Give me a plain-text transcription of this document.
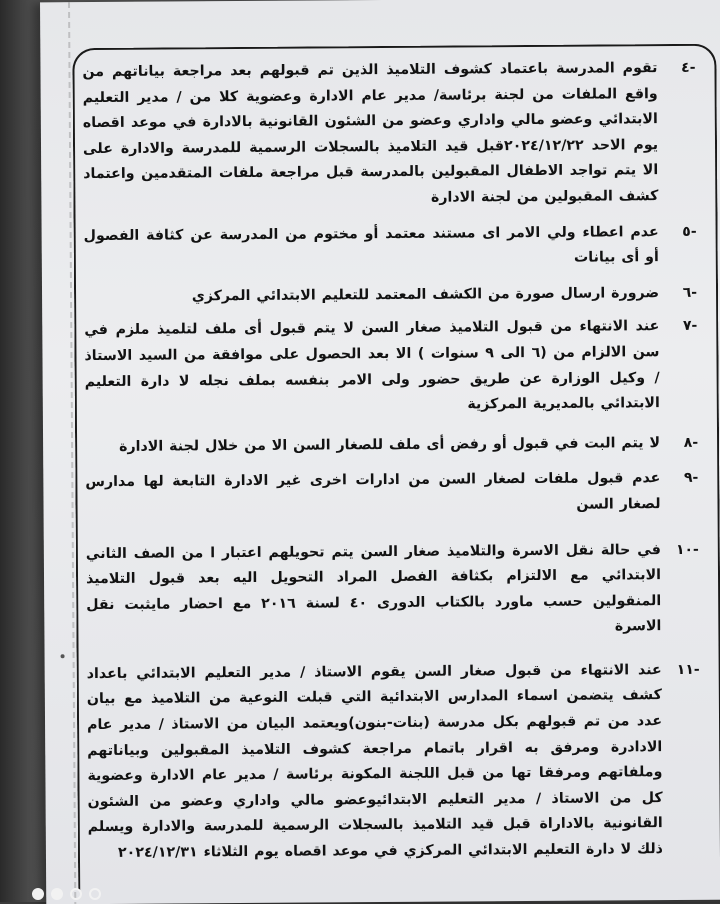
-٤
تقوم المدرسة باعتماد كشوف التلاميذ الذين تم قبولهم بعد مراجعة بياناتهم من واقع الملفات من لجنة برئاسة/ مدير عام الادارة وعضوية كلا من / مدير التعليم الابتدائي وعضو مالي واداري وعضو من الشئون القانونية بالادارة في موعد اقصاه يوم الاحد ٢٠٢٤/١٢/٢٢قبل قيد التلاميذ بالسجلات الرسمية للمدرسة والادارة على الا يتم تواجد الاطفال المقبولين بالمدرسة قبل مراجعة ملفات المتقدمين واعتماد كشف المقبولين من لجنة الادارة
-٥
عدم اعطاء ولي الامر اى مستند معتمد أو مختوم من المدرسة عن كثافة الفصول أو أى بيانات
-٦
ضرورة ارسال صورة من الكشف المعتمد للتعليم الابتدائي المركزي
-٧
عند الانتهاء من قبول التلاميذ صغار السن لا يتم قبول أى ملف لتلميذ ملزم في سن الالزام من (٦ الى ٩ سنوات ) الا بعد الحصول على موافقة من السيد الاستاذ / وكيل الوزارة عن طريق حضور ولى الامر بنفسه بملف نجله لا دارة التعليم الابتدائي بالمديرية المركزية
-٨
لا يتم البت في قبول أو رفض أى ملف للصغار السن الا من خلال لجنة الادارة
-٩
عدم قبول ملفات لصغار السن من ادارات اخرى غير الادارة التابعة لها مدارس لصغار السن
-١٠
في حالة نقل الاسرة والتلاميذ صغار السن يتم تحويلهم اعتبار ا من الصف الثاني الابتدائي مع الالتزام بكثافة الفصل المراد التحويل اليه بعد قبول التلاميذ المنقولين حسب ماورد بالكتاب الدورى ٤٠ لسنة ٢٠١٦ مع احضار مايثبت نقل الاسرة
-١١
عند الانتهاء من قبول صغار السن يقوم الاستاذ / مدير التعليم الابتدائي باعداد كشف يتضمن اسماء المدارس الابتدائية التي قبلت النوعية من التلاميذ مع بيان عدد من تم قبولهم بكل مدرسة (بنات-بنون)ويعتمد البيان من الاستاذ / مدير عام الادادرة ومرفق به اقرار باتمام مراجعة كشوف التلاميذ المقبولين وبياناتهم وملفاتهم ومرفقا تها من قبل اللجنة المكونة برئاسة / مدير عام الادارة وعضوية كل من الاستاذ / مدير التعليم الابتدائيوعضو مالي واداري وعضو من الشئون القانونية بالاداراة قبل قيد التلاميذ بالسجلات الرسمية للمدرسة والادارة ويسلم ذلك لا دارة التعليم الابتدائي المركزي في موعد اقصاه يوم الثلاثاء ٢٠٢٤/١٢/٣١
